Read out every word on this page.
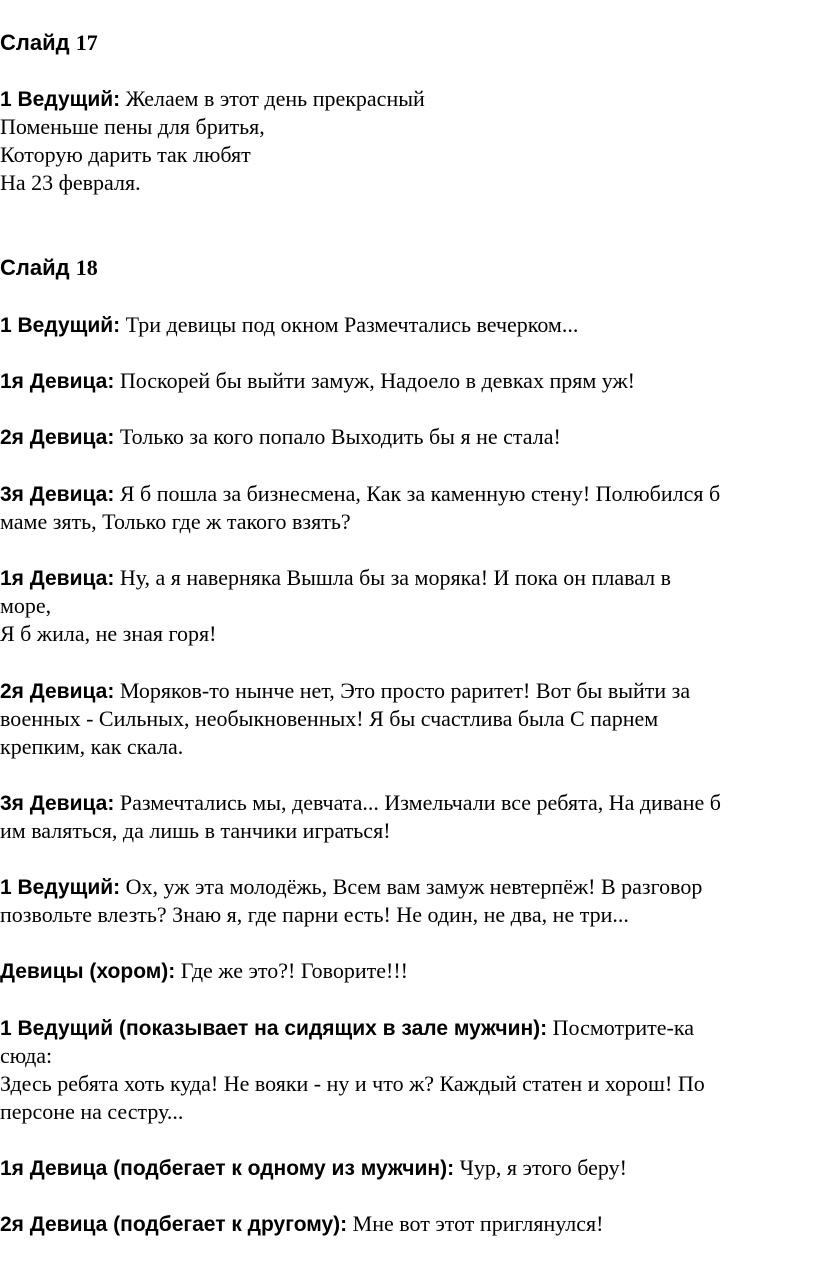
Слайд 17
1 Ведущий: Желаем в этот день прекрасный
Поменьше пены для бритья,
Которую дарить так любят
На 23 февраля.
Слайд 18
1 Ведущий: Три девицы под окном Размечтались вечерком...
1я Девица: Поскорей бы выйти замуж, Надоело в девках прям уж!
2я Девица: Только за кого попало Выходить бы я не стала!
3я Девица: Я б пошла за бизнесмена, Как за каменную стену! Полюбился б
маме зять, Только где ж такого взять?
1я Девица: Ну, а я наверняка Вышла бы за моряка! И пока он плавал в
море,
Я б жила, не зная горя!
2я Девица: Моряков-то нынче нет, Это просто раритет! Вот бы выйти за
военных - Сильных, необыкновенных! Я бы счастлива была С парнем
крепким, как скала.
3я Девица: Размечтались мы, девчата... Измельчали все ребята, На диване б
им валяться, да лишь в танчики играться!
1 Ведущий: Ох, уж эта молодёжь, Всем вам замуж невтерпёж! В разговор
позвольте влезть? Знаю я, где парни есть! Не один, не два, не три...
Девицы (хором): Где же это?! Говорите!!!
1 Ведущий (показывает на сидящих в зале мужчин): Посмотрите-ка
сюда:
Здесь ребята хоть куда! Не вояки - ну и что ж? Каждый статен и хорош! По
персоне на сестру...
1я Девица (подбегает к одному из мужчин): Чур, я этого беру!
2я Девица (подбегает к другому): Мне вот этот приглянулся!
